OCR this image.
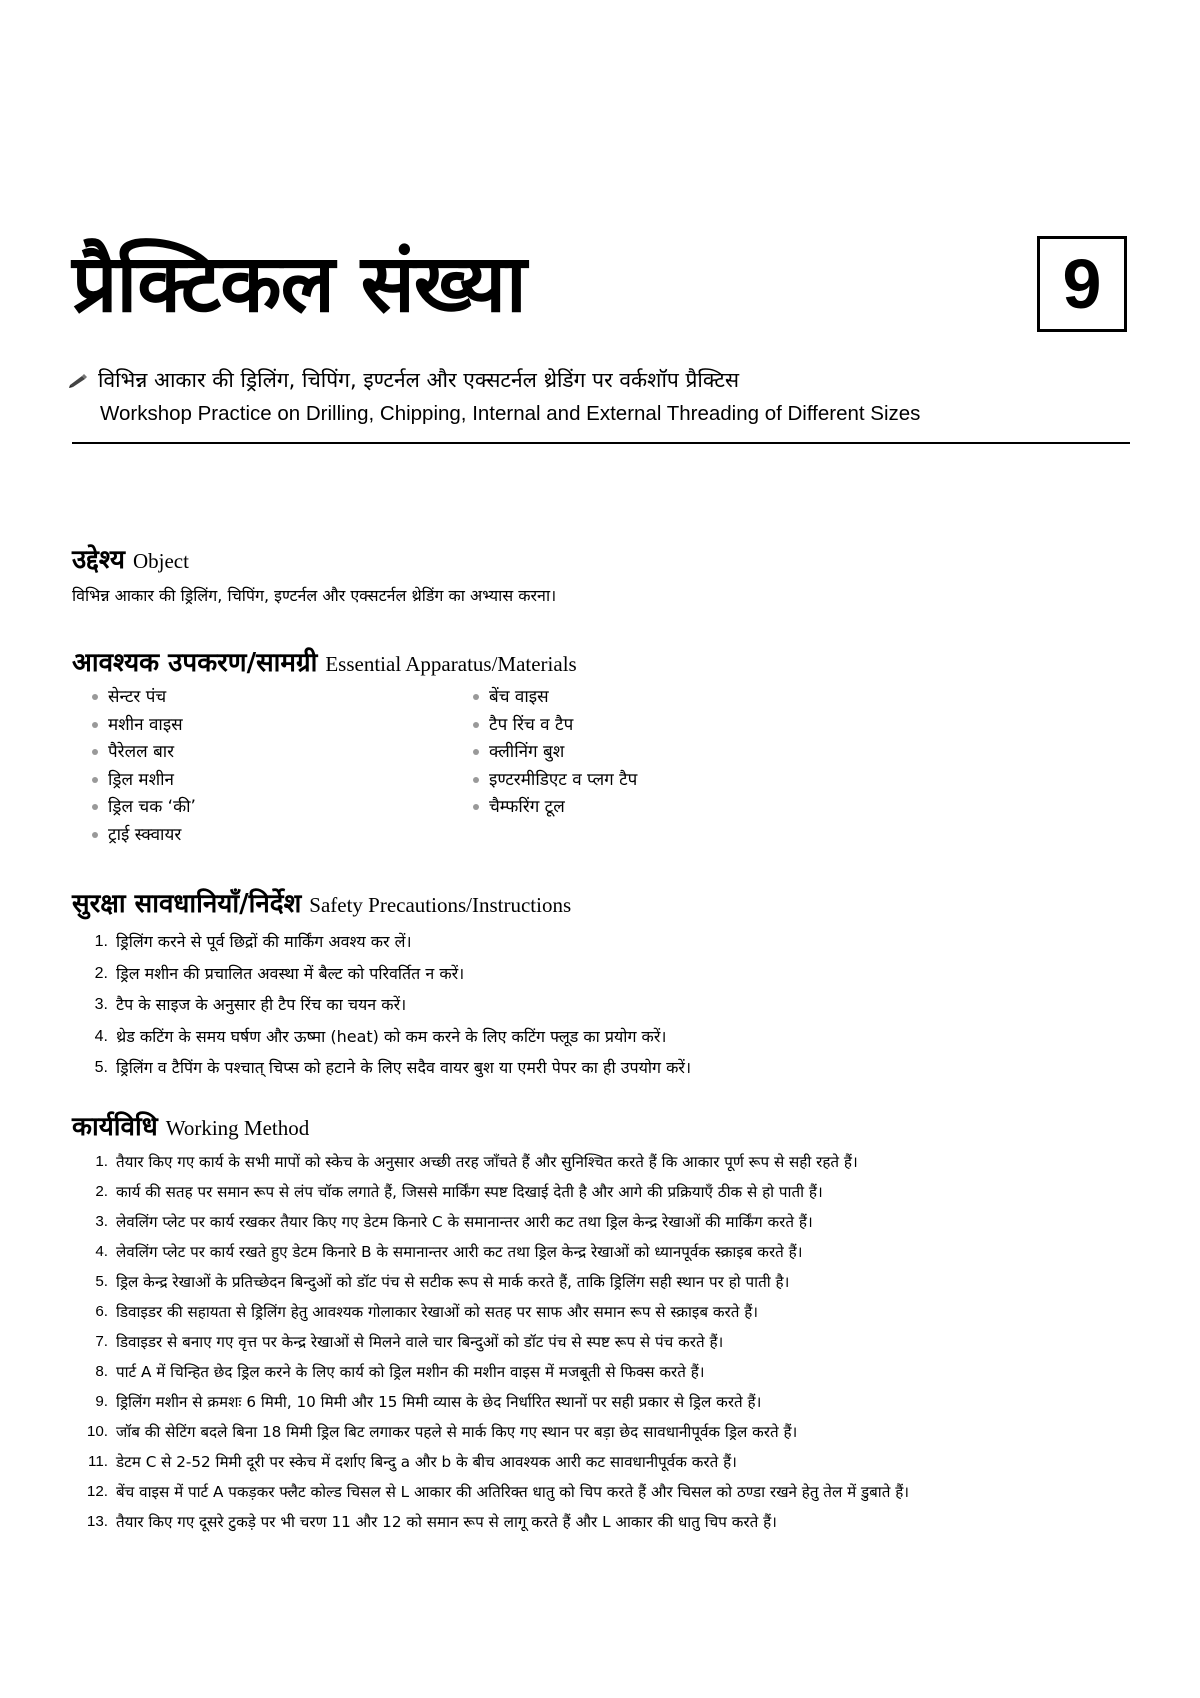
प्रैक्टिकल संख्या	9
विभिन्न आकार की ड्रिलिंग, चिपिंग, इण्टर्नल और एक्सटर्नल थ्रेडिंग पर वर्कशॉप प्रैक्टिस
Workshop Practice on Drilling, Chipping, Internal and External Threading of Different Sizes
उद्देश्य Object
विभिन्न आकार की ड्रिलिंग, चिपिंग, इण्टर्नल और एक्सटर्नल थ्रेडिंग का अभ्यास करना।
आवश्यक उपकरण/सामग्री Essential Apparatus/Materials
सेन्टर पंच
मशीन वाइस
पैरेलल बार
ड्रिल मशीन
ड्रिल चक ‘की’
ट्राई स्क्वायर
बेंच वाइस
टैप रिंच व टैप
क्लीनिंग बुश
इण्टरमीडिएट व प्लग टैप
चैम्फरिंग टूल
सुरक्षा सावधानियाँ/निर्देश Safety Precautions/Instructions
1. ड्रिलिंग करने से पूर्व छिद्रों की मार्किंग अवश्य कर लें।
2. ड्रिल मशीन की प्रचालित अवस्था में बैल्ट को परिवर्तित न करें।
3. टैप के साइज के अनुसार ही टैप रिंच का चयन करें।
4. थ्रेड कटिंग के समय घर्षण और ऊष्मा (heat) को कम करने के लिए कटिंग फ्लूड का प्रयोग करें।
5. ड्रिलिंग व टैपिंग के पश्चात् चिप्स को हटाने के लिए सदैव वायर बुश या एमरी पेपर का ही उपयोग करें।
कार्यविधि Working Method
1. तैयार किए गए कार्य के सभी मापों को स्केच के अनुसार अच्छी तरह जाँचते हैं और सुनिश्चित करते हैं कि आकार पूर्ण रूप से सही रहते हैं।
2. कार्य की सतह पर समान रूप से लंप चॉक लगाते हैं, जिससे मार्किंग स्पष्ट दिखाई देती है और आगे की प्रक्रियाएँ ठीक से हो पाती हैं।
3. लेवलिंग प्लेट पर कार्य रखकर तैयार किए गए डेटम किनारे C के समानान्तर आरी कट तथा ड्रिल केन्द्र रेखाओं की मार्किंग करते हैं।
4. लेवलिंग प्लेट पर कार्य रखते हुए डेटम किनारे B के समानान्तर आरी कट तथा ड्रिल केन्द्र रेखाओं को ध्यानपूर्वक स्क्राइब करते हैं।
5. ड्रिल केन्द्र रेखाओं के प्रतिच्छेदन बिन्दुओं को डॉट पंच से सटीक रूप से मार्क करते हैं, ताकि ड्रिलिंग सही स्थान पर हो पाती है।
6. डिवाइडर की सहायता से ड्रिलिंग हेतु आवश्यक गोलाकार रेखाओं को सतह पर साफ और समान रूप से स्क्राइब करते हैं।
7. डिवाइडर से बनाए गए वृत्त पर केन्द्र रेखाओं से मिलने वाले चार बिन्दुओं को डॉट पंच से स्पष्ट रूप से पंच करते हैं।
8. पार्ट A में चिन्हित छेद ड्रिल करने के लिए कार्य को ड्रिल मशीन की मशीन वाइस में मजबूती से फिक्स करते हैं।
9. ड्रिलिंग मशीन से क्रमशः 6 मिमी, 10 मिमी और 15 मिमी व्यास के छेद निर्धारित स्थानों पर सही प्रकार से ड्रिल करते हैं।
10. जॉब की सेटिंग बदले बिना 18 मिमी ड्रिल बिट लगाकर पहले से मार्क किए गए स्थान पर बड़ा छेद सावधानीपूर्वक ड्रिल करते हैं।
11. डेटम C से 2-52 मिमी दूरी पर स्केच में दर्शाए बिन्दु a और b के बीच आवश्यक आरी कट सावधानीपूर्वक करते हैं।
12. बेंच वाइस में पार्ट A पकड़कर फ्लैट कोल्ड चिसल से L आकार की अतिरिक्त धातु को चिप करते हैं और चिसल को ठण्डा रखने हेतु तेल में डुबाते हैं।
13. तैयार किए गए दूसरे टुकड़े पर भी चरण 11 और 12 को समान रूप से लागू करते हैं और L आकार की धातु चिप करते हैं।
